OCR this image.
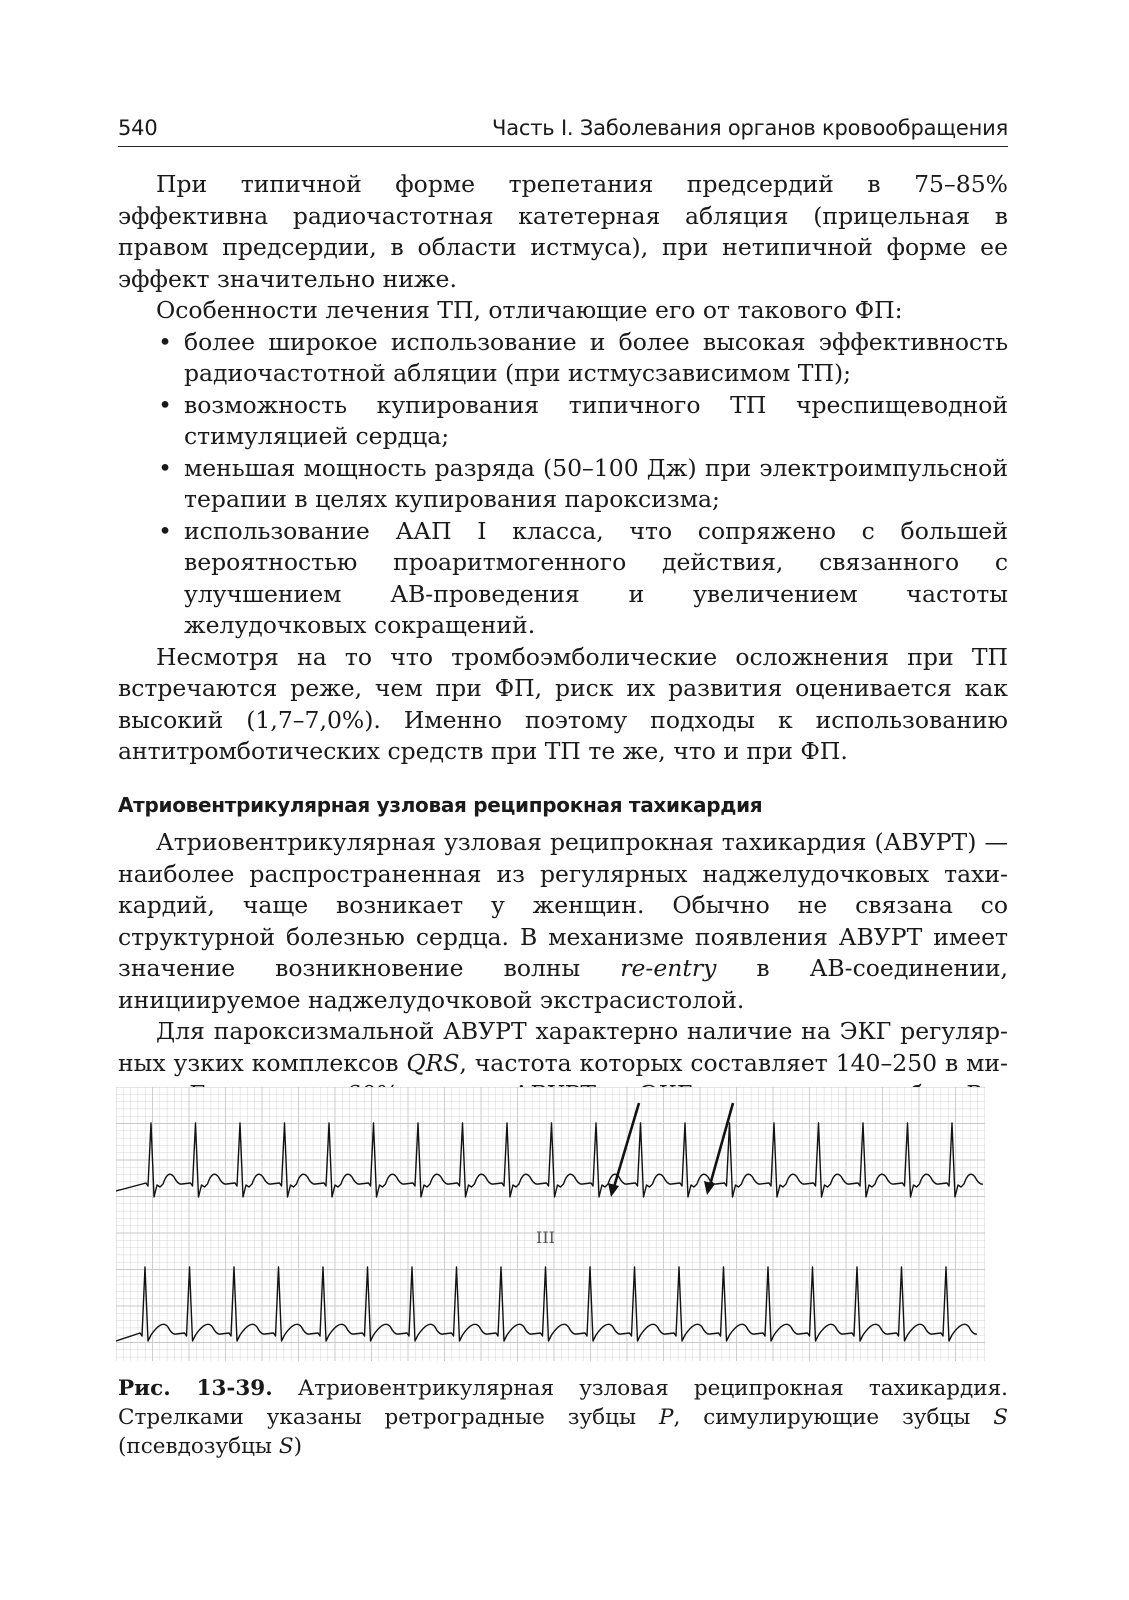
540	Часть I. Заболевания органов кровообращения

При типичной форме трепетания предсердий в 75–85% эффективна радиочастотная катетерная абляция (прицельная в правом предсердии, в области истмуса), при нетипичной форме ее эффект значительно ниже.

Особенности лечения ТП, отличающие его от такового ФП:

• более широкое использование и более высокая эффективность радиочастотной абляции (при истмусзависимом ТП);
• возможность купирования типичного ТП чреспищеводной стимуляцией сердца;
• меньшая мощность разряда (50–100 Дж) при электроимпульсной терапии в целях купирования пароксизма;
• использование ААП I класса, что сопряжено с большей вероятностью проаритмогенного действия, связанного с улучшением АВ-проведения и увеличением частоты желудочковых сокращений.

Несмотря на то что тромбоэмболические осложнения при ТП встречаются реже, чем при ФП, риск их развития оценивается как высокий (1,7–7,0%). Именно поэтому подходы к использованию антитромботических средств при ТП те же, что и при ФП.

Атриовентрикулярная узловая реципрокная тахикардия

Атриовентрикулярная узловая реципрокная тахикардия (АВУРТ) — наиболее распространенная из регулярных наджелудочковых тахикардий, чаще возникает у женщин. Обычно не связана со структурной болезнью сердца. В механизме появления АВУРТ имеет значение возникновение волны re-entry в АВ-соединении, инициируемое наджелудочковой экстрасистолой.

Для пароксизмальной АВУРТ характерно наличие на ЭКГ регулярных узких комплексов QRS, частота которых составляет 140–250 в ми

III
Рис. 13-39. Атриовентрикулярная узловая реципрокная тахикардия. Стрелками указаны ретроградные зубцы P, симулирующие зубцы S (псевдозубцы S)
